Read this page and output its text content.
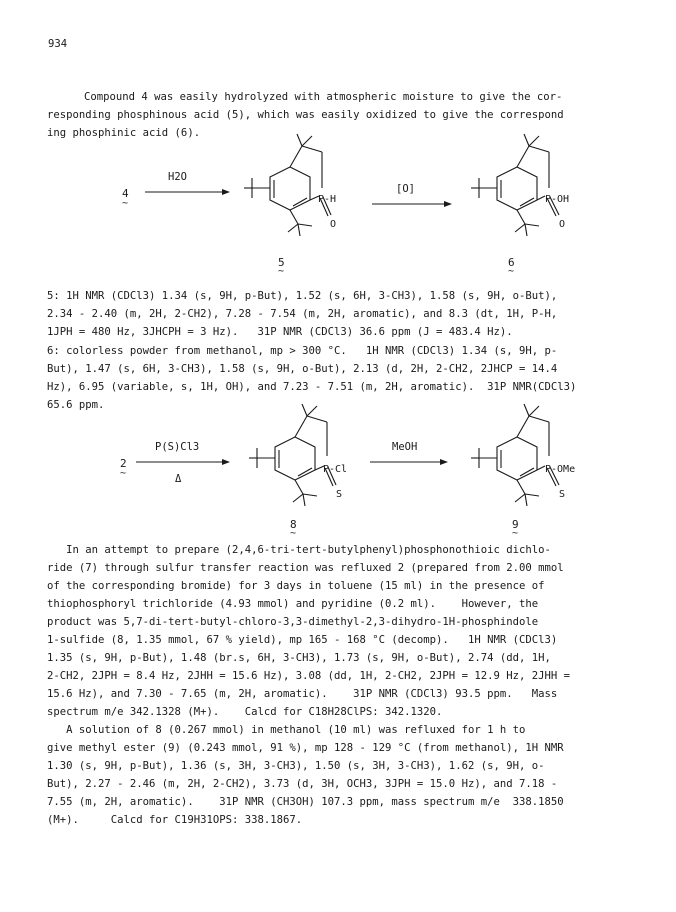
934
Compound 4 was easily hydrolyzed with atmospheric moisture to give the cor-
responding phosphinous acid (5), which was easily oxidized to give the correspond
ing phosphinic acid (6).
4
~
H2O
P-H
O
[O]
P-OH
O
5
~
6
~
5: 1H NMR (CDCl3) 1.34 (s, 9H, p-But), 1.52 (s, 6H, 3-CH3), 1.58 (s, 9H, o-But),
2.34 - 2.40 (m, 2H, 2-CH2), 7.28 - 7.54 (m, 2H, aromatic), and 8.3 (dt, 1H, P-H,
1JPH = 480 Hz, 3JHCPH = 3 Hz).   31P NMR (CDCl3) 36.6 ppm (J = 483.4 Hz).
6: colorless powder from methanol, mp > 300 °C.   1H NMR (CDCl3) 1.34 (s, 9H, p-
But), 1.47 (s, 6H, 3-CH3), 1.58 (s, 9H, o-But), 2.13 (d, 2H, 2-CH2, 2JHCP = 14.4
Hz), 6.95 (variable, s, 1H, OH), and 7.23 - 7.51 (m, 2H, aromatic).  31P NMR(CDCl3)
65.6 ppm.
2
~
P(S)Cl3
Δ
P-Cl
S
MeOH
P-OMe
S
8
~
9
~
In an attempt to prepare (2,4,6-tri-tert-butylphenyl)phosphonothioic dichlo-
ride (7) through sulfur transfer reaction was refluxed 2 (prepared from 2.00 mmol
of the corresponding bromide) for 3 days in toluene (15 ml) in the presence of
thiophosphoryl trichloride (4.93 mmol) and pyridine (0.2 ml).    However, the
product was 5,7-di-tert-butyl-chloro-3,3-dimethyl-2,3-dihydro-1H-phosphindole
1-sulfide (8, 1.35 mmol, 67 % yield), mp 165 - 168 °C (decomp).   1H NMR (CDCl3)
1.35 (s, 9H, p-But), 1.48 (br.s, 6H, 3-CH3), 1.73 (s, 9H, o-But), 2.74 (dd, 1H,
2-CH2, 2JPH = 8.4 Hz, 2JHH = 15.6 Hz), 3.08 (dd, 1H, 2-CH2, 2JPH = 12.9 Hz, 2JHH =
15.6 Hz), and 7.30 - 7.65 (m, 2H, aromatic).    31P NMR (CDCl3) 93.5 ppm.   Mass
spectrum m/e 342.1328 (M+).    Calcd for C18H28ClPS: 342.1320.
A solution of 8 (0.267 mmol) in methanol (10 ml) was refluxed for 1 h to
give methyl ester (9) (0.243 mmol, 91 %), mp 128 - 129 °C (from methanol), 1H NMR
1.30 (s, 9H, p-But), 1.36 (s, 3H, 3-CH3), 1.50 (s, 3H, 3-CH3), 1.62 (s, 9H, o-
But), 2.27 - 2.46 (m, 2H, 2-CH2), 3.73 (d, 3H, OCH3, 3JPH = 15.0 Hz), and 7.18 -
7.55 (m, 2H, aromatic).    31P NMR (CH3OH) 107.3 ppm, mass spectrum m/e  338.1850
(M+).     Calcd for C19H31OPS: 338.1867.
